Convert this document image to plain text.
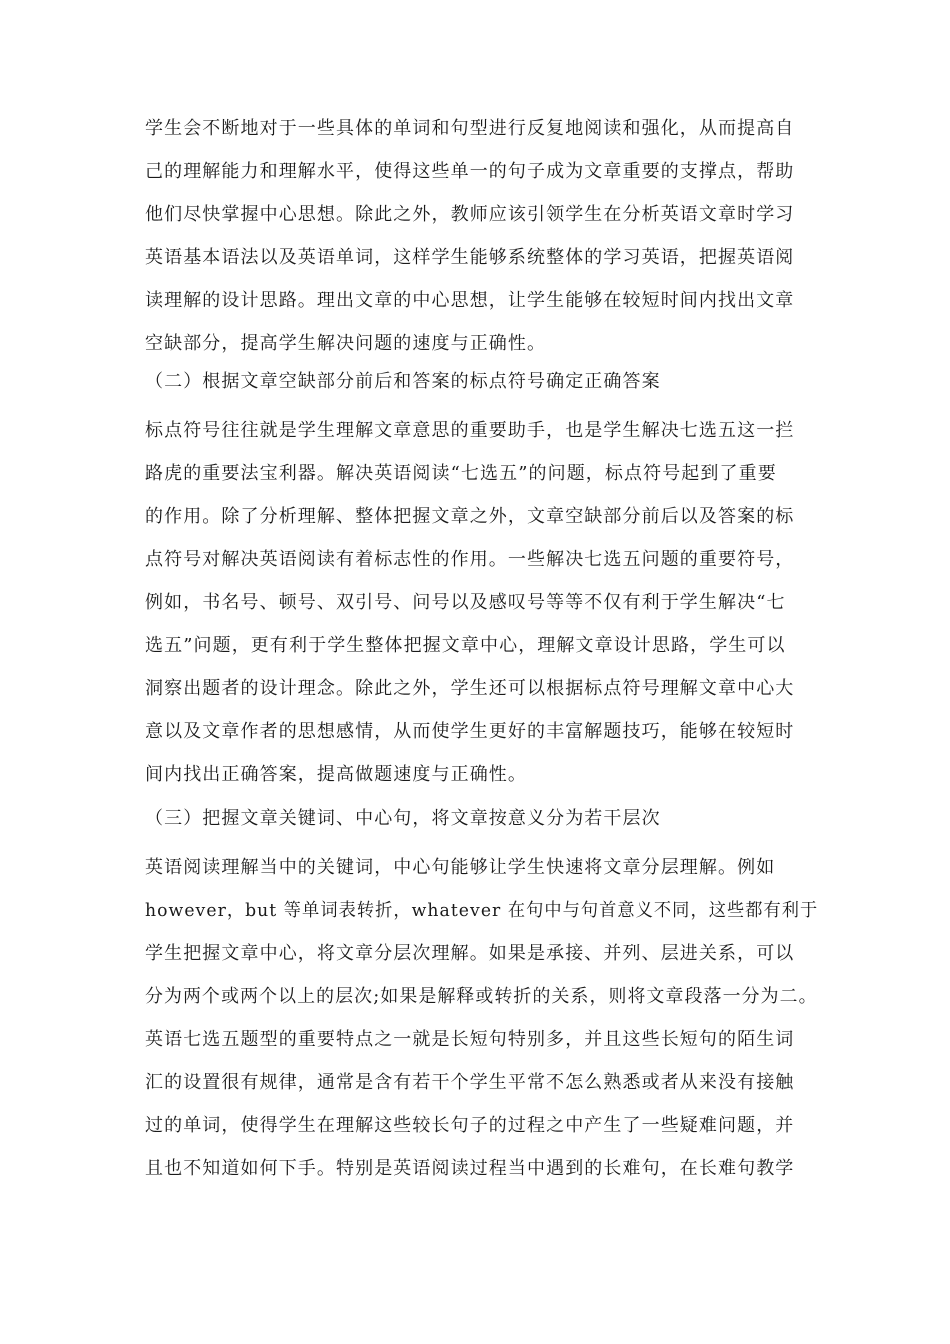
学生会不断地对于一些具体的单词和句型进行反复地阅读和强化，从而提高自
己的理解能力和理解水平，使得这些单一的句子成为文章重要的支撑点，帮助
他们尽快掌握中心思想。除此之外，教师应该引领学生在分析英语文章时学习
英语基本语法以及英语单词，这样学生能够系统整体的学习英语，把握英语阅
读理解的设计思路。理出文章的中心思想，让学生能够在较短时间内找出文章
空缺部分，提高学生解决问题的速度与正确性。
（二）根据文章空缺部分前后和答案的标点符号确定正确答案
标点符号往往就是学生理解文章意思的重要助手，也是学生解决七选五这一拦
路虎的重要法宝利器。解决英语阅读“七选五”的问题，标点符号起到了重要
的作用。除了分析理解、整体把握文章之外，文章空缺部分前后以及答案的标
点符号对解决英语阅读有着标志性的作用。一些解决七选五问题的重要符号，
例如，书名号、顿号、双引号、问号以及感叹号等等不仅有利于学生解决“七
选五”问题，更有利于学生整体把握文章中心，理解文章设计思路，学生可以
洞察出题者的设计理念。除此之外，学生还可以根据标点符号理解文章中心大
意以及文章作者的思想感情，从而使学生更好的丰富解题技巧，能够在较短时
间内找出正确答案，提高做题速度与正确性。
（三）把握文章关键词、中心句，将文章按意义分为若干层次
英语阅读理解当中的关键词，中心句能够让学生快速将文章分层理解。例如
however，but 等单词表转折，whatever 在句中与句首意义不同，这些都有利于
学生把握文章中心，将文章分层次理解。如果是承接、并列、层进关系，可以
分为两个或两个以上的层次;如果是解释或转折的关系，则将文章段落一分为二。
英语七选五题型的重要特点之一就是长短句特别多，并且这些长短句的陌生词
汇的设置很有规律，通常是含有若干个学生平常不怎么熟悉或者从来没有接触
过的单词，使得学生在理解这些较长句子的过程之中产生了一些疑难问题，并
且也不知道如何下手。特别是英语阅读过程当中遇到的长难句，在长难句教学
